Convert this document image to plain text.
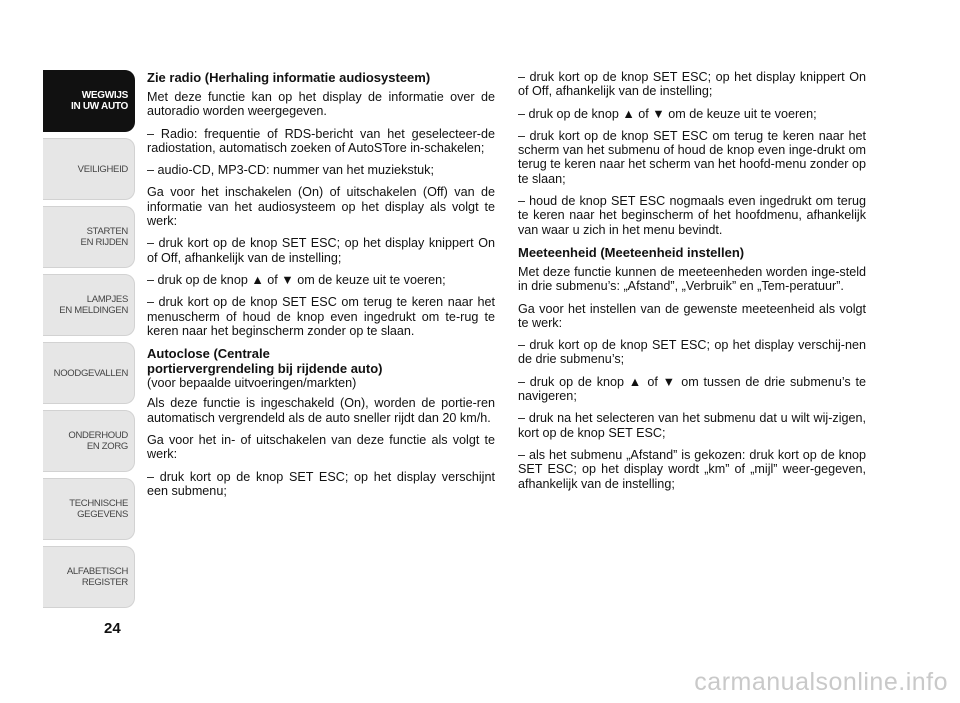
WEGWIJS
IN UW AUTO
VEILIGHEID
STARTEN
EN RIJDEN
LAMPJES
EN MELDINGEN
NOODGEVALLEN
ONDERHOUD
EN ZORG
TECHNISCHE
GEGEVENS
ALFABETISCH
REGISTER
24
Zie radio (Herhaling informatie audiosysteem)

Met deze functie kan op het display de informatie over de autoradio worden weergegeven.

– Radio: frequentie of RDS-bericht van het geselecteer-de radiostation, automatisch zoeken of AutoSTore in-schakelen;

– audio-CD, MP3-CD: nummer van het muziekstuk;

Ga voor het inschakelen (On) of uitschakelen (Off) van de informatie van het audiosysteem op het display als volgt te werk:

– druk kort op de knop SET ESC; op het display knippert On of Off, afhankelijk van de instelling;

– druk op de knop ▲ of ▼ om de keuze uit te voeren;

– druk kort op de knop SET ESC om terug te keren naar het menuscherm of houd de knop even ingedrukt om te-rug te keren naar het beginscherm zonder op te slaan.

Autoclose (Centrale
portiervergrendeling bij rijdende auto)

(voor bepaalde uitvoeringen/markten)

Als deze functie is ingeschakeld (On), worden de portie-ren automatisch vergrendeld als de auto sneller rijdt dan 20 km/h.

Ga voor het in- of uitschakelen van deze functie als volgt te werk:

– druk kort op de knop SET ESC; op het display verschijnt een submenu;

– druk kort op de knop SET ESC; op het display knippert On of Off, afhankelijk van de instelling;

– druk op de knop ▲ of ▼ om de keuze uit te voeren;

– druk kort op de knop SET ESC om terug te keren naar het scherm van het submenu of houd de knop even inge-drukt om terug te keren naar het scherm van het hoofd-menu zonder op te slaan;

– houd de knop SET ESC nogmaals even ingedrukt om terug te keren naar het beginscherm of het hoofdmenu, afhankelijk van waar u zich in het menu bevindt.

Meeteenheid (Meeteenheid instellen)

Met deze functie kunnen de meeteenheden worden inge-steld in drie submenu’s: „Afstand”, „Verbruik” en „Tem-peratuur”.

Ga voor het instellen van de gewenste meeteenheid als volgt te werk:

– druk kort op de knop SET ESC; op het display verschij-nen de drie submenu’s;

– druk op de knop ▲ of ▼ om tussen de drie submenu’s te navigeren;

– druk na het selecteren van het submenu dat u wilt wij-zigen, kort op de knop SET ESC;

– als het submenu „Afstand” is gekozen: druk kort op de knop SET ESC; op het display wordt „km” of „mijl” weer-gegeven, afhankelijk van de instelling;

carmanualsonline.info
